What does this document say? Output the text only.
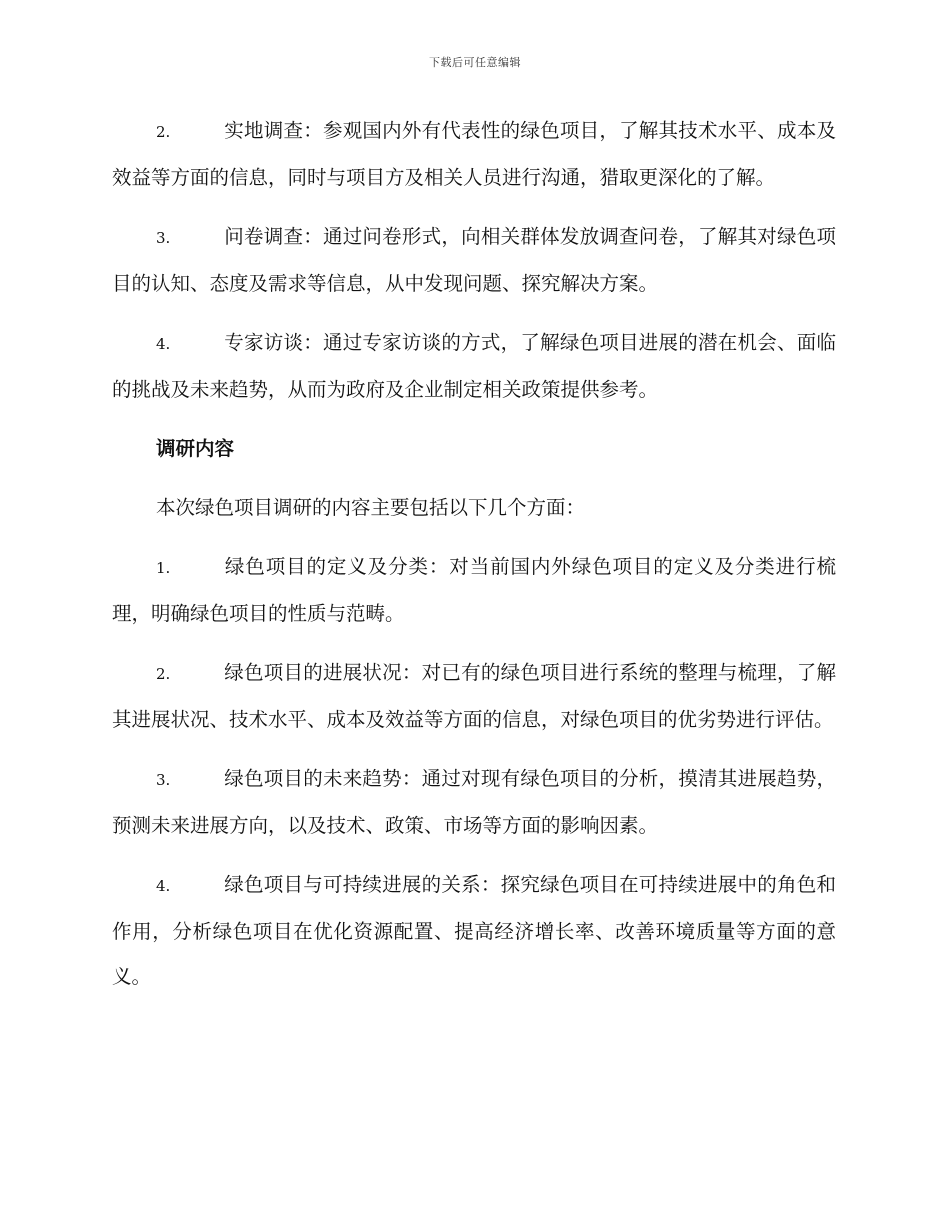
下载后可任意编辑

2.	实地调查：参观国内外有代表性的绿色项目，了解其技术水平、成本及效益等方面的信息，同时与项目方及相关人员进行沟通，猎取更深化的了解。

3.	问卷调查：通过问卷形式，向相关群体发放调查问卷，了解其对绿色项目的认知、态度及需求等信息，从中发现问题、探究解决方案。

4.	专家访谈：通过专家访谈的方式，了解绿色项目进展的潜在机会、面临的挑战及未来趋势，从而为政府及企业制定相关政策提供参考。

调研内容

本次绿色项目调研的内容主要包括以下几个方面：

1.	绿色项目的定义及分类：对当前国内外绿色项目的定义及分类进行梳理，明确绿色项目的性质与范畴。

2.	绿色项目的进展状况：对已有的绿色项目进行系统的整理与梳理，了解其进展状况、技术水平、成本及效益等方面的信息，对绿色项目的优劣势进行评估。

3.	绿色项目的未来趋势：通过对现有绿色项目的分析，摸清其进展趋势，预测未来进展方向，以及技术、政策、市场等方面的影响因素。

4.	绿色项目与可持续进展的关系：探究绿色项目在可持续进展中的角色和作用，分析绿色项目在优化资源配置、提高经济增长率、改善环境质量等方面的意义。
